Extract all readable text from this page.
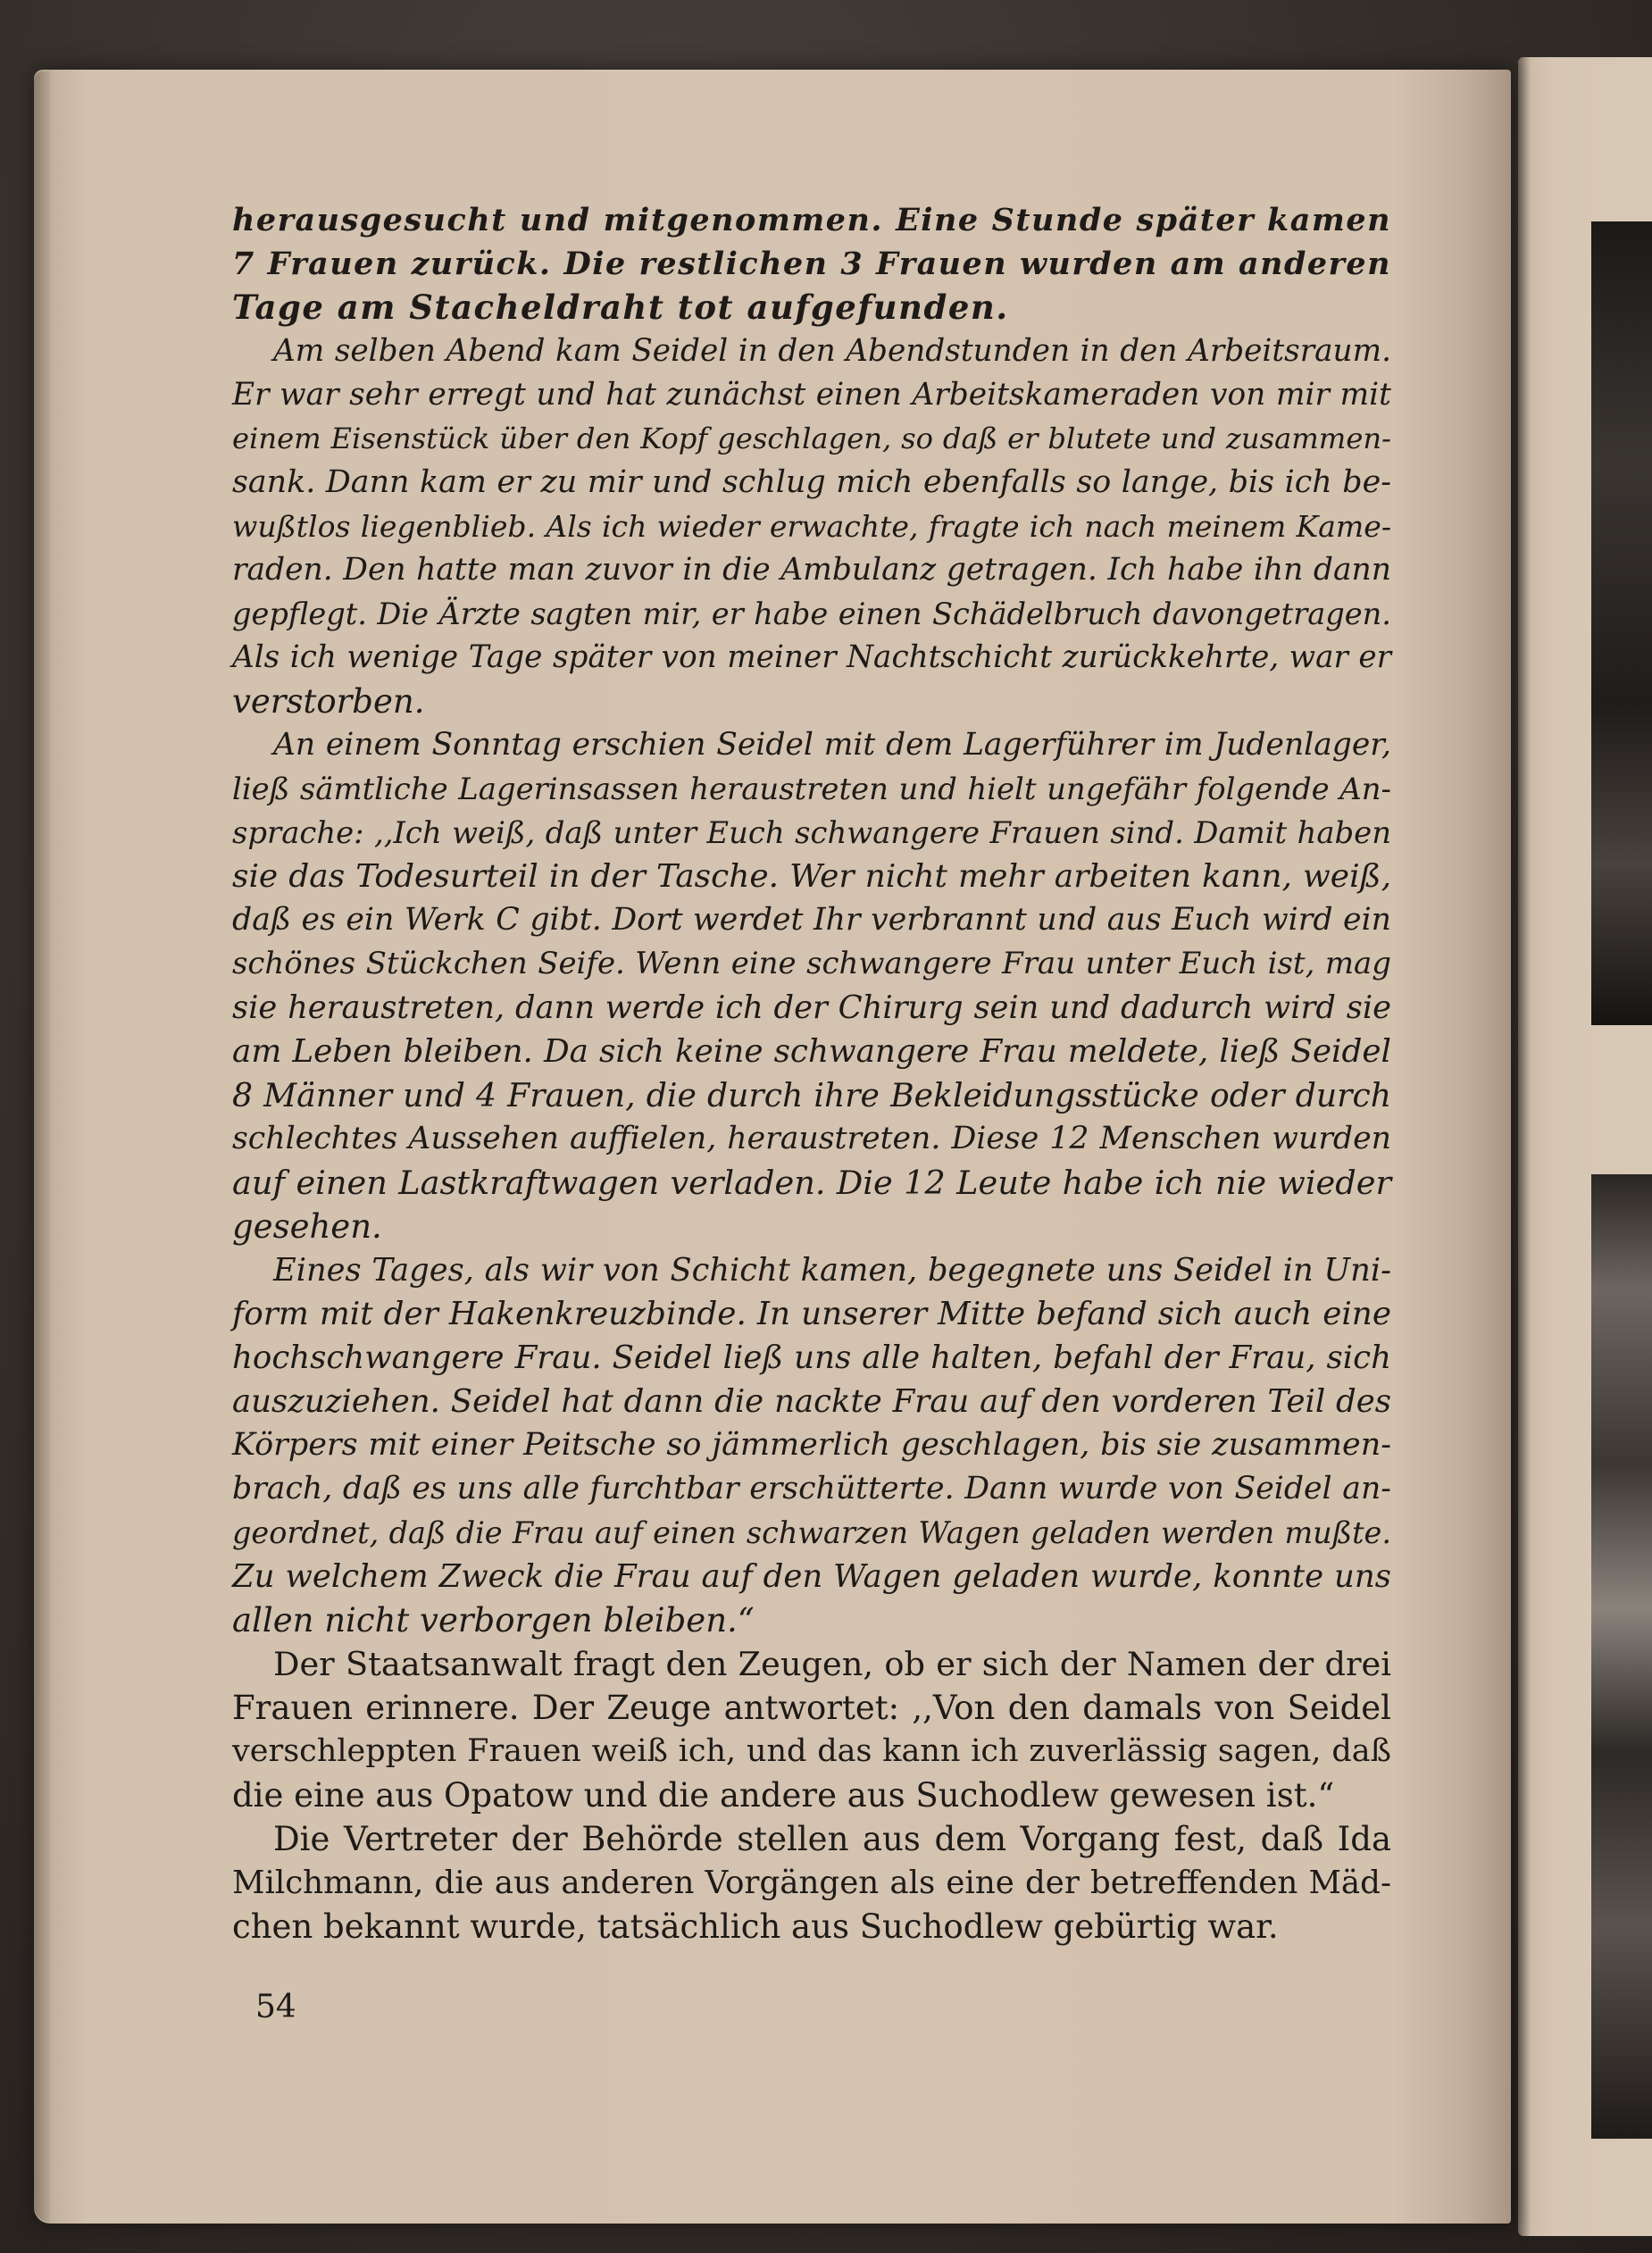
herausgesucht und mitgenommen. Eine Stunde später kamen
7 Frauen zurück. Die restlichen 3 Frauen wurden am anderen
Tage am Stacheldraht tot aufgefunden.
Am selben Abend kam Seidel in den Abendstunden in den Arbeitsraum.
Er war sehr erregt und hat zunächst einen Arbeitskameraden von mir mit
einem Eisenstück über den Kopf geschlagen, so daß er blutete und zusammen-
sank. Dann kam er zu mir und schlug mich ebenfalls so lange, bis ich be-
wußtlos liegenblieb. Als ich wieder erwachte, fragte ich nach meinem Kame-
raden. Den hatte man zuvor in die Ambulanz getragen. Ich habe ihn dann
gepflegt. Die Ärzte sagten mir, er habe einen Schädelbruch davongetragen.
Als ich wenige Tage später von meiner Nachtschicht zurückkehrte, war er
verstorben.
An einem Sonntag erschien Seidel mit dem Lagerführer im Judenlager,
ließ sämtliche Lagerinsassen heraustreten und hielt ungefähr folgende An-
sprache: ,,Ich weiß, daß unter Euch schwangere Frauen sind. Damit haben
sie das Todesurteil in der Tasche. Wer nicht mehr arbeiten kann, weiß,
daß es ein Werk C gibt. Dort werdet Ihr verbrannt und aus Euch wird ein
schönes Stückchen Seife. Wenn eine schwangere Frau unter Euch ist, mag
sie heraustreten, dann werde ich der Chirurg sein und dadurch wird sie
am Leben bleiben. Da sich keine schwangere Frau meldete, ließ Seidel
8 Männer und 4 Frauen, die durch ihre Bekleidungsstücke oder durch
schlechtes Aussehen auffielen, heraustreten. Diese 12 Menschen wurden
auf einen Lastkraftwagen verladen. Die 12 Leute habe ich nie wieder
gesehen.
Eines Tages, als wir von Schicht kamen, begegnete uns Seidel in Uni-
form mit der Hakenkreuzbinde. In unserer Mitte befand sich auch eine
hochschwangere Frau. Seidel ließ uns alle halten, befahl der Frau, sich
auszuziehen. Seidel hat dann die nackte Frau auf den vorderen Teil des
Körpers mit einer Peitsche so jämmerlich geschlagen, bis sie zusammen-
brach, daß es uns alle furchtbar erschütterte. Dann wurde von Seidel an-
geordnet, daß die Frau auf einen schwarzen Wagen geladen werden mußte.
Zu welchem Zweck die Frau auf den Wagen geladen wurde, konnte uns
allen nicht verborgen bleiben.“
Der Staatsanwalt fragt den Zeugen, ob er sich der Namen der drei
Frauen erinnere. Der Zeuge antwortet: ,,Von den damals von Seidel
verschleppten Frauen weiß ich, und das kann ich zuverlässig sagen, daß
die eine aus Opatow und die andere aus Suchodlew gewesen ist.“
Die Vertreter der Behörde stellen aus dem Vorgang fest, daß Ida
Milchmann, die aus anderen Vorgängen als eine der betreffenden Mäd-
chen bekannt wurde, tatsächlich aus Suchodlew gebürtig war.
54
